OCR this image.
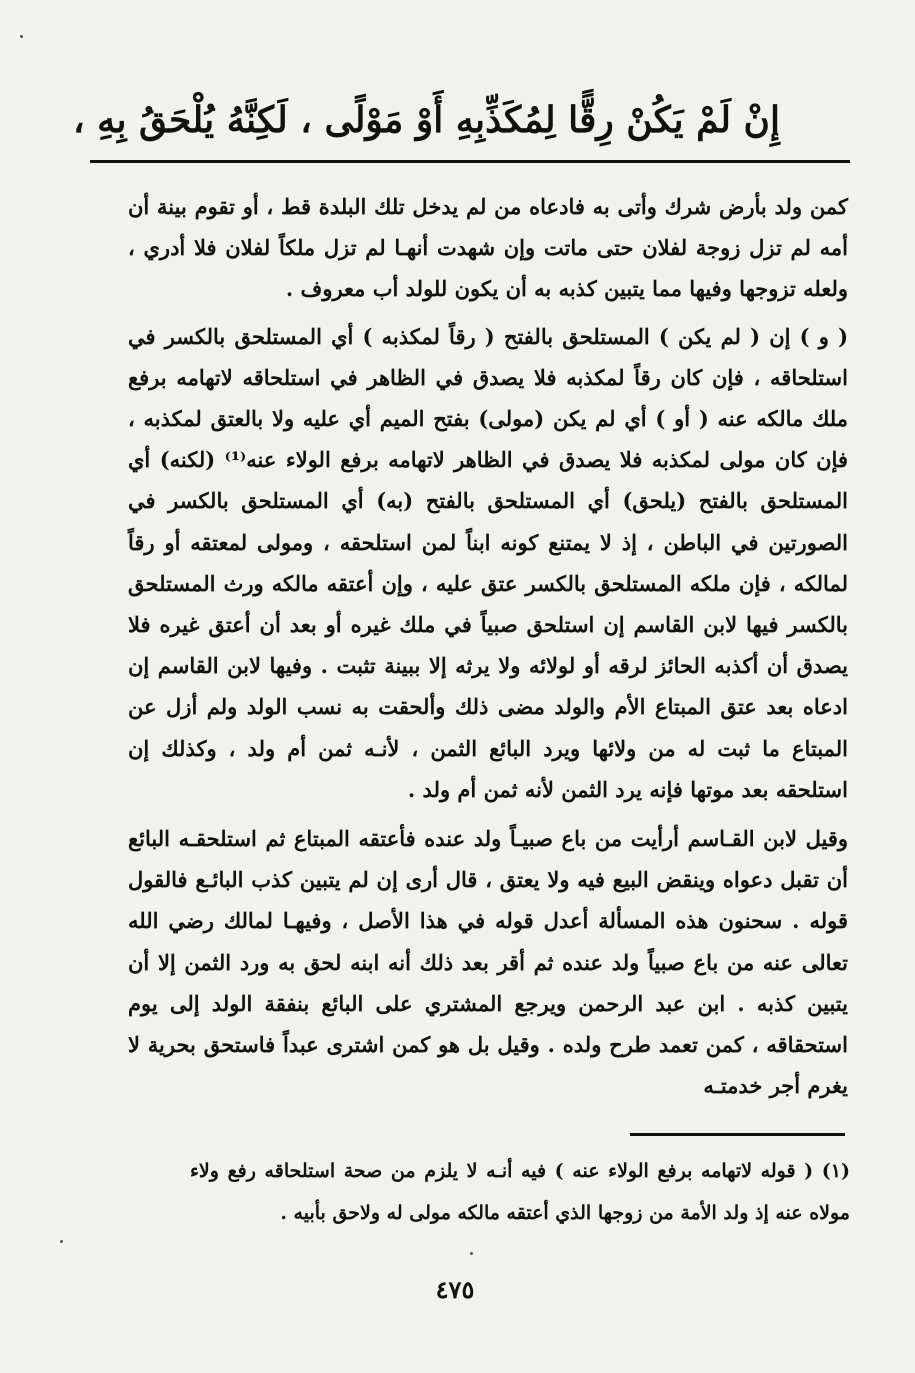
إِنْ لَمْ يَكُنْ رِقًّا لِمُكَذِّبِهِ أَوْ مَوْلًى ، لَكِنَّهُ يُلْحَقُ بِهِ ،

كمن ولد بأرض شرك وأتى به فادعاه من لم يدخل تلك البلدة قط ، أو تقوم بينة أن أمه لم تزل زوجة لفلان حتى ماتت وإن شهدت أنهـا لم تزل ملكاً لفلان فلا أدري ، ولعله تزوجها وفيها مما يتبين كذبه به أن يكون للولد أب معروف .

( و ) إن ( لم يكن ) المستلحق بالفتح ( رقاً لمكذبه ) أي المستلحق بالكسر في استلحاقه ، فإن كان رقاً لمكذبه فلا يصدق في الظاهر في استلحاقه لاتهامه برفع ملك مالكه عنه ( أو ) أي لم يكن (مولى) بفتح الميم أي عليه ولا بالعتق لمكذبه ، فإن كان مولى لمكذبه فلا يصدق في الظاهر لاتهامه برفع الولاء عنه⁽¹⁾ (لكنه) أي المستلحق بالفتح (يلحق) أي المستلحق بالفتح (به) أي المستلحق بالكسر في الصورتين في الباطن ، إذ لا يمتنع كونه ابناً لمن استلحقه ، ومولى لمعتقه أو رقاً لمالكه ، فإن ملكه المستلحق بالكسر عتق عليه ، وإن أعتقه مالكه ورث المستلحق بالكسر فيها لابن القاسم إن استلحق صبياً في ملك غيره أو بعد أن أعتق غيره فلا يصدق أن أكذبه الحائز لرقه أو لولائه ولا يرثه إلا ببينة تثبت . وفيها لابن القاسم إن ادعاه بعد عتق المبتاع الأم والولد مضى ذلك وألحقت به نسب الولد ولم أزل عن المبتاع ما ثبت له من ولائها ويرد البائع الثمن ، لأنـه ثمن أم ولد ، وكذلك إن استلحقه بعد موتها فإنه يرد الثمن لأنه ثمن أم ولد .

وقيل لابن القـاسم أرأيت من باع صبيـاً ولد عنده فأعتقه المبتاع ثم استلحقـه البائع أن تقبل دعواه وينقض البيع فيه ولا يعتق ، قال أرى إن لم يتبين كذب البائـع فالقول قوله . سحنون هذه المسألة أعدل قوله في هذا الأصل ، وفيهـا لمالك رضي الله تعالى عنه من باع صبياً ولد عنده ثم أقر بعد ذلك أنه ابنه لحق به ورد الثمن إلا أن يتبين كذبه . ابن عبد الرحمن ويرجع المشتري على البائع بنفقة الولد إلى يوم استحقاقه ، كمن تعمد طرح ولده . وقيل بل هو كمن اشترى عبداً فاستحق بحرية لا يغرم أجر خدمتـه

(١) ( قوله لاتهامه برفع الولاء عنه ) فيه أنـه لا يلزم من صحة استلحاقه رفع ولاء مولاه عنه إذ ولد الأمة من زوجها الذي أعتقه مالكه مولى له ولاحق بأبيه .

٤٧٥
